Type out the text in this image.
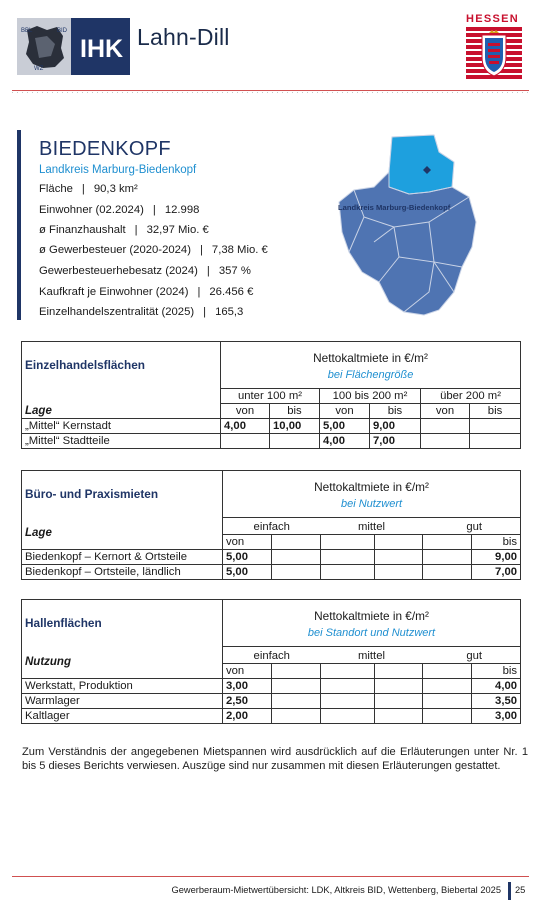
BBL	BID
WZ
IHK Lahn-Dill
HESSEN
BIEDENKOPF
Landkreis Marburg-Biedenkopf
Fläche | 90,3 km²
Einwohner (02.2024) | 12.998
ø Finanzhaushalt | 32,97 Mio. €
ø Gewerbesteuer (2020-2024) | 7,38 Mio. €
Gewerbesteuerhebesatz (2024) | 357 %
Kaufkraft je Einwohner (2024) | 26.456 €
Einzelhandelszentralität (2025) | 165,3
Landkreis Marburg-Biedenkopf
Einzelhandelsflächen	Nettokaltmiete in €/m²					
	bei Flächengröße					
Lage	unter 100 m²		100 bis 200 m²		über 200 m²	
	von	bis	von	bis	von	bis
„Mittel“ Kernstadt	4,00	10,00	5,00	9,00		
„Mittel“ Stadtteile			4,00	7,00		
Büro- und Praxismieten	Nettokaltmiete in €/m²					
	bei Nutzwert					
Lage	einfach		mittel		gut	
	von					bis
Biedenkopf – Kernort & Ortsteile	5,00					9,00
Biedenkopf – Ortsteile, ländlich	5,00					7,00
Hallenflächen	Nettokaltmiete in €/m²					
	bei Standort und Nutzwert					
Nutzung	einfach		mittel		gut	
	von					bis
Werkstatt, Produktion	3,00					4,00
Warmlager	2,50					3,50
Kaltlager	2,00					3,00
Zum Verständnis der angegebenen Mietspannen wird ausdrücklich auf die Erläuterungen unter Nr. 1 bis 5 dieses Berichts verwiesen. Auszüge sind nur zusammen mit diesen Erläuterungen gestattet.
Gewerberaum-Mietwertübersicht: LDK, Altkreis BID, Wettenberg, Biebertal 2025 25
